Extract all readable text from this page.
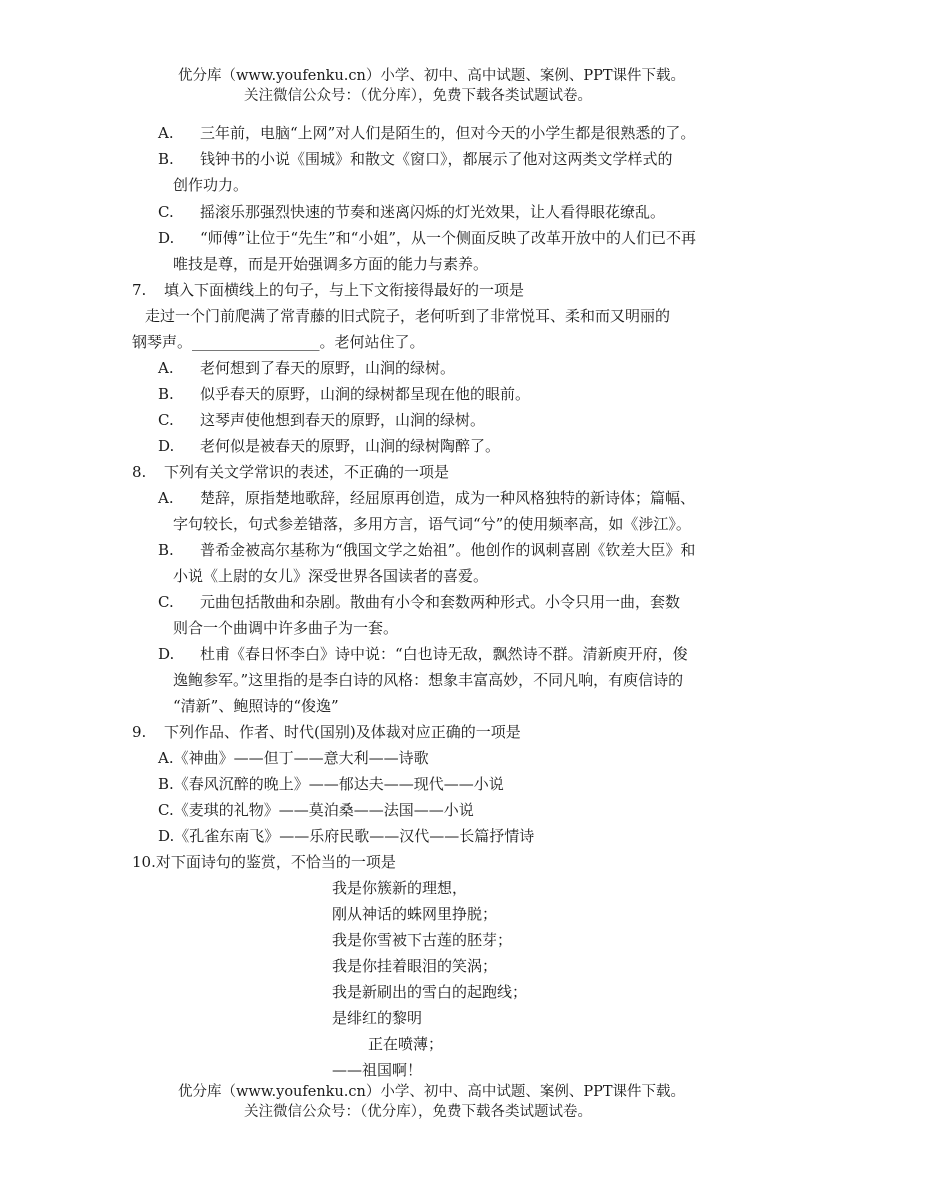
优分库（www.youfenku.cn）小学、初中、高中试题、案例、PPT课件下载。
关注微信公众号：（优分库），免费下载各类试题试卷。
A. 三年前，电脑“上网”对人们是陌生的，但对今天的小学生都是很熟悉的了。
B. 钱钟书的小说《围城》和散文《窗口》，都展示了他对这两类文学样式的
创作功力。
C. 摇滚乐那强烈快速的节奏和迷离闪烁的灯光效果，让人看得眼花缭乱。
D. “师傅”让位于“先生”和“小姐”，从一个侧面反映了改革开放中的人们已不再
唯技是尊，而是开始强调多方面的能力与素养。
7. 填入下面横线上的句子，与上下文衔接得最好的一项是
走过一个门前爬满了常青藤的旧式院子，老何听到了非常悦耳、柔和而又明丽的
钢琴声。_________________。老何站住了。
A. 老何想到了春天的原野，山涧的绿树。
B. 似乎春天的原野，山涧的绿树都呈现在他的眼前。
C. 这琴声使他想到春天的原野，山涧的绿树。
D. 老何似是被春天的原野，山涧的绿树陶醉了。
8. 下列有关文学常识的表述，不正确的一项是
A. 楚辞，原指楚地歌辞，经屈原再创造，成为一种风格独特的新诗体；篇幅、
字句较长，句式参差错落，多用方言，语气词“兮”的使用频率高，如《涉江》。
B. 普希金被高尔基称为“俄国文学之始祖”。他创作的讽刺喜剧《钦差大臣》和
小说《上尉的女儿》深受世界各国读者的喜爱。
C. 元曲包括散曲和杂剧。散曲有小令和套数两种形式。小令只用一曲，套数
则合一个曲调中许多曲子为一套。
D. 杜甫《春日怀李白》诗中说：“白也诗无敌，飘然诗不群。清新庾开府，俊
逸鲍参军。”这里指的是李白诗的风格：想象丰富高妙，不同凡响，有庾信诗的
“清新”、鲍照诗的“俊逸”
9. 下列作品、作者、时代(国别)及体裁对应正确的一项是
A.《神曲》——但丁——意大利——诗歌
B.《春风沉醉的晚上》——郁达夫——现代——小说
C.《麦琪的礼物》——莫泊桑——法国——小说
D.《孔雀东南飞》——乐府民歌——汉代——长篇抒情诗
10.对下面诗句的鉴赏，不恰当的一项是
我是你簇新的理想，
刚从神话的蛛网里挣脱；
我是你雪被下古莲的胚芽；
我是你挂着眼泪的笑涡；
我是新刷出的雪白的起跑线；
是绯红的黎明
正在喷薄；
——祖国啊！
优分库（www.youfenku.cn）小学、初中、高中试题、案例、PPT课件下载。
关注微信公众号：（优分库），免费下载各类试题试卷。
